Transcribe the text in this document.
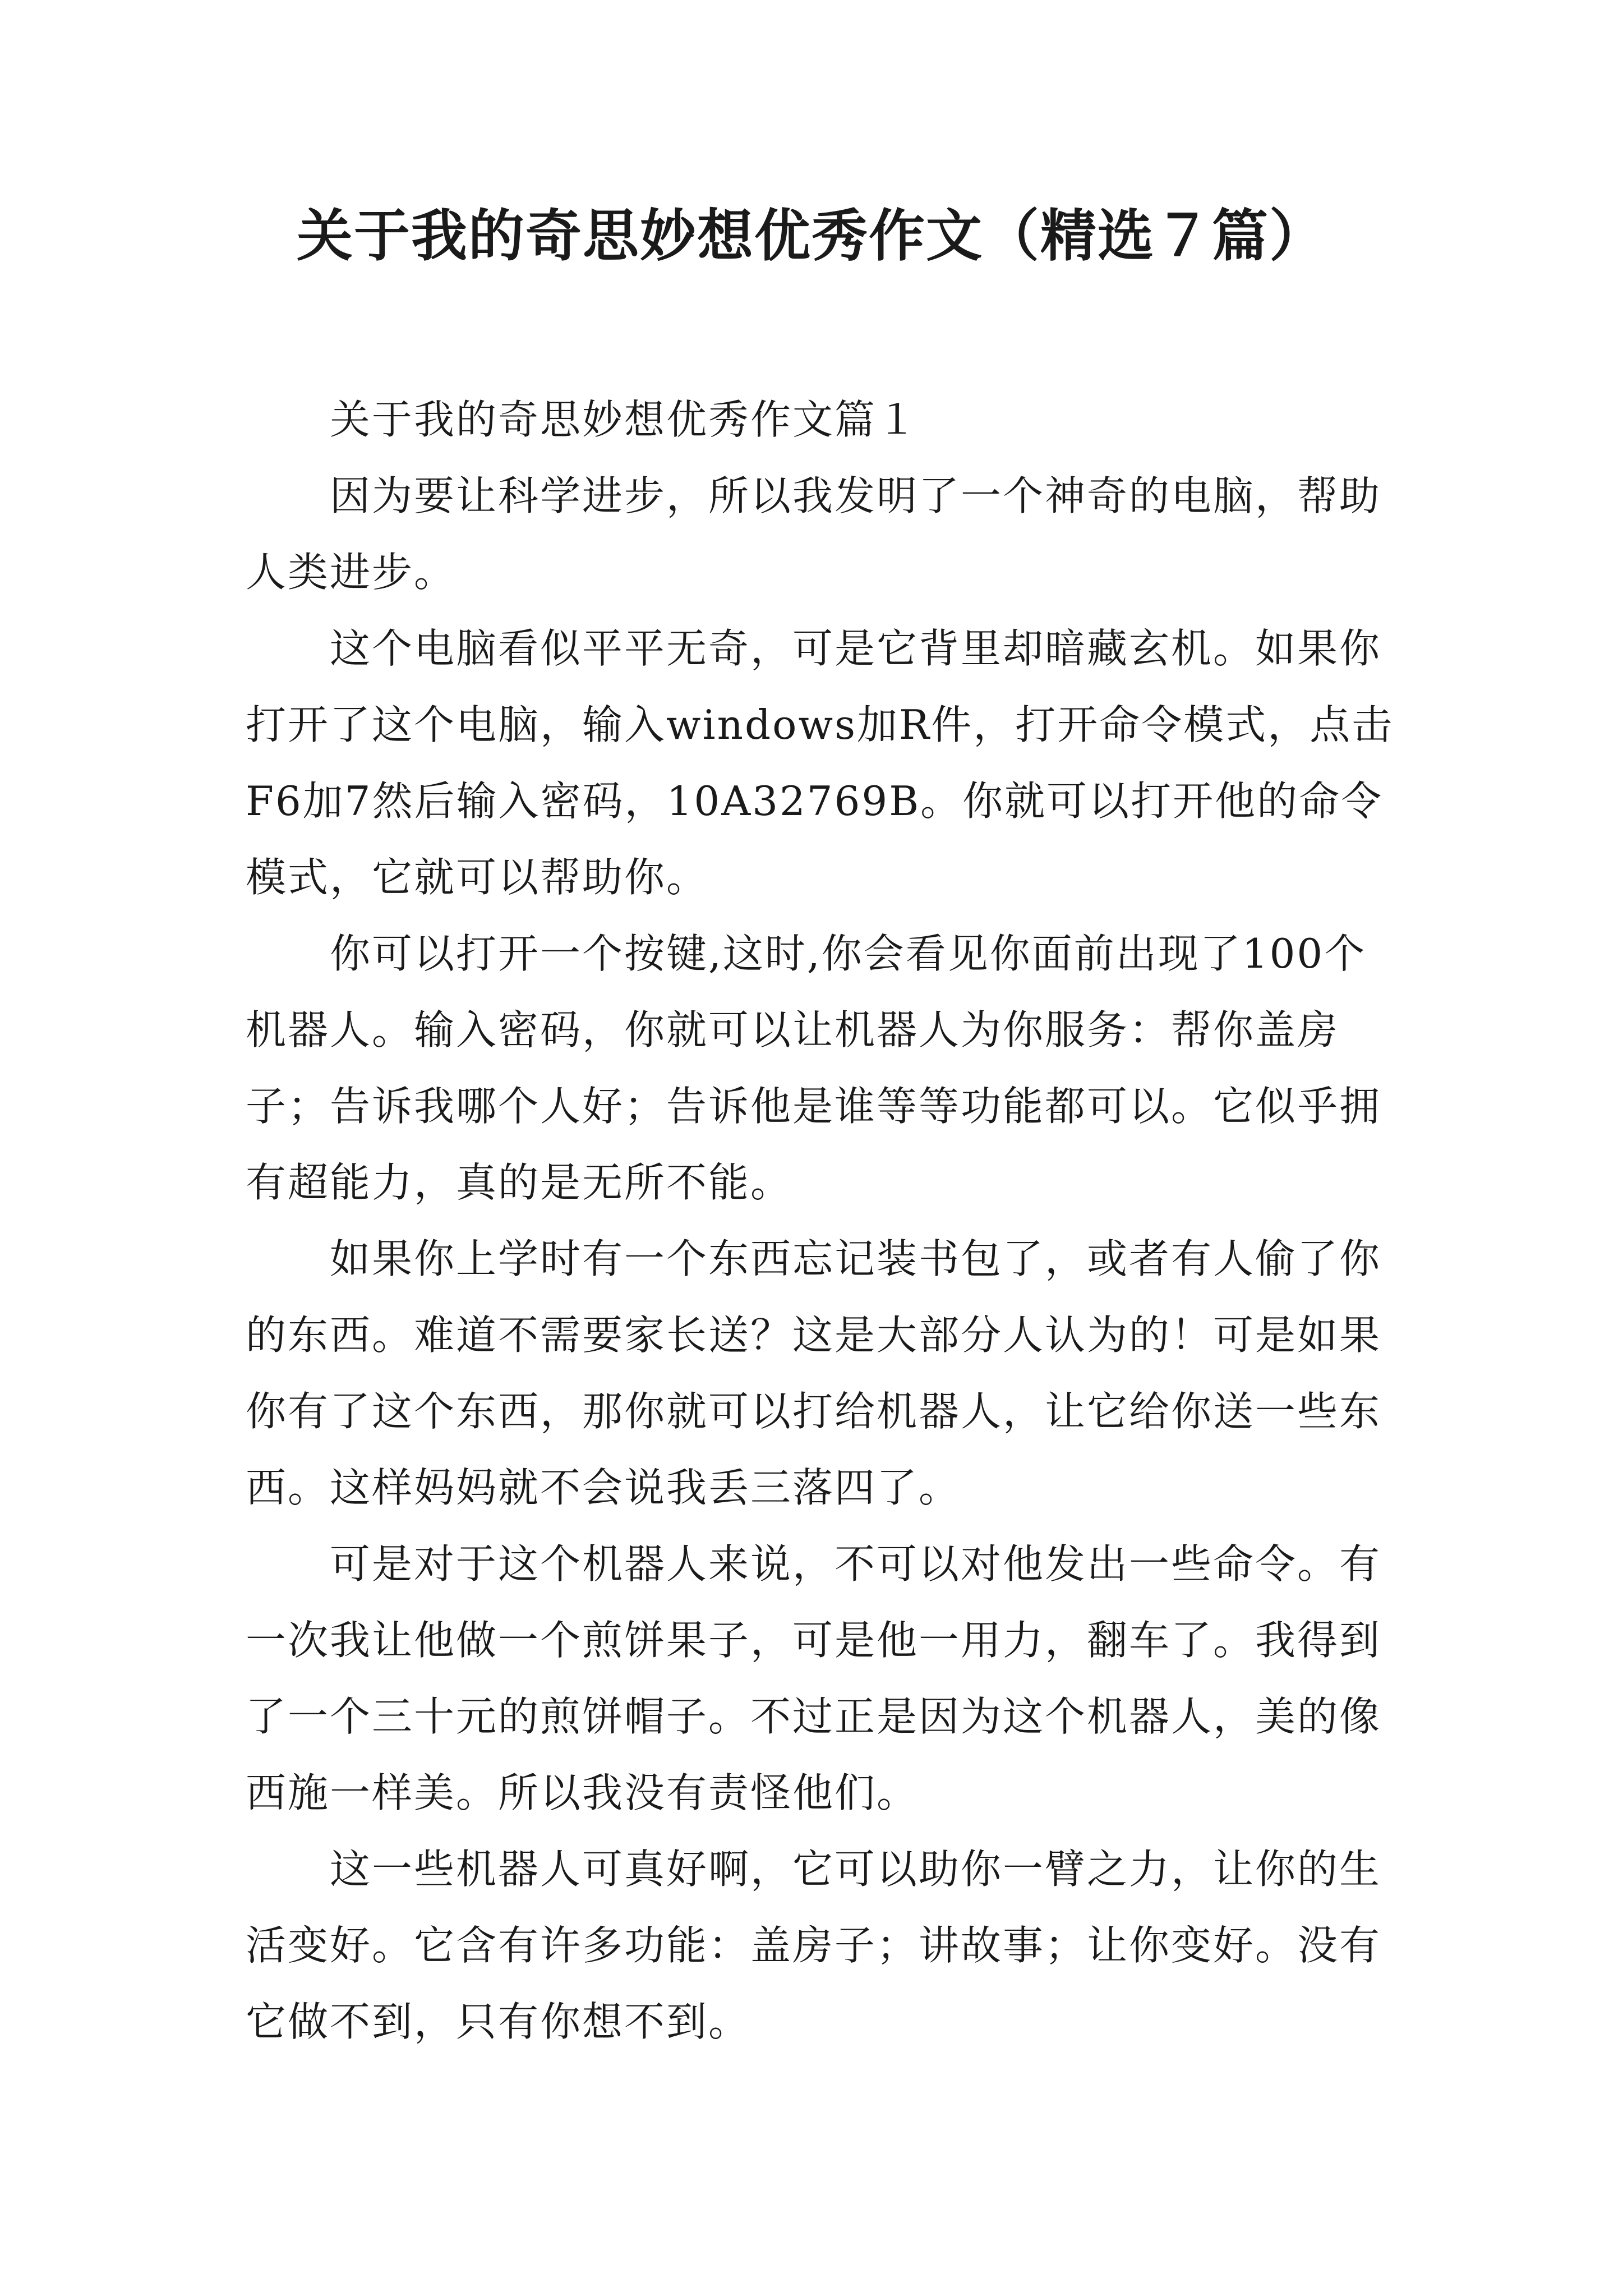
关于我的奇思妙想优秀作文（精选７篇）

关于我的奇思妙想优秀作文篇１

因为要让科学进步，所以我发明了一个神奇的电脑，帮助人类进步。

这个电脑看似平平无奇，可是它背里却暗藏玄机。如果你打开了这个电脑，输入windows加R件，打开命令模式，点击F6加7然后输入密码，10A32769B。你就可以打开他的命令模式，它就可以帮助你。

你可以打开一个按键,这时,你会看见你面前出现了100个机器人。输入密码，你就可以让机器人为你服务：帮你盖房子；告诉我哪个人好；告诉他是谁等等功能都可以。它似乎拥有超能力，真的是无所不能。

如果你上学时有一个东西忘记装书包了，或者有人偷了你的东西。难道不需要家长送？这是大部分人认为的！可是如果你有了这个东西，那你就可以打给机器人，让它给你送一些东西。这样妈妈就不会说我丢三落四了。

可是对于这个机器人来说，不可以对他发出一些命令。有一次我让他做一个煎饼果子，可是他一用力，翻车了。我得到了一个三十元的煎饼帽子。不过正是因为这个机器人，美的像西施一样美。所以我没有责怪他们。

这一些机器人可真好啊，它可以助你一臂之力，让你的生活变好。它含有许多功能：盖房子；讲故事；让你变好。没有它做不到，只有你想不到。
